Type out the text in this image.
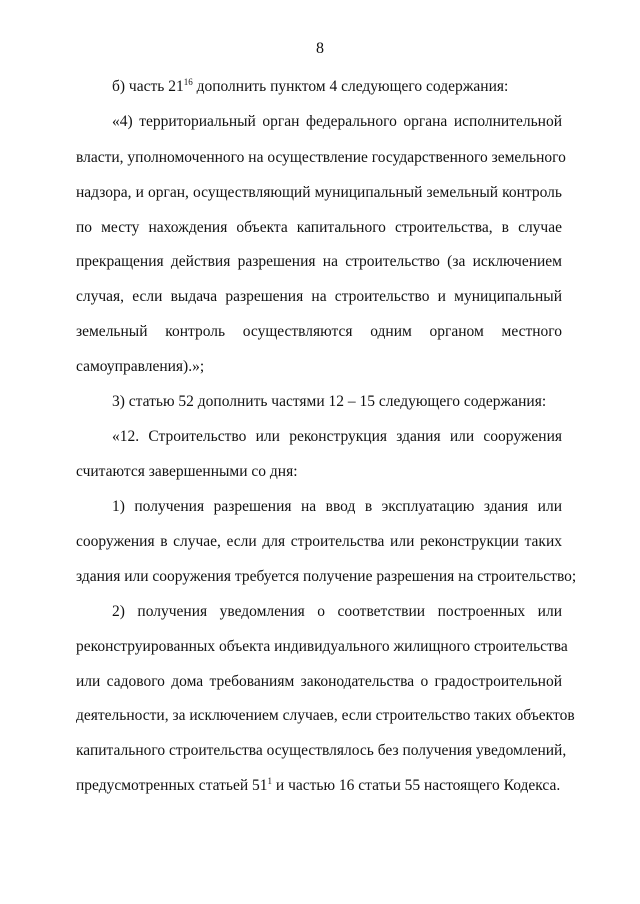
8
б) часть $21^{16}$ дополнить пунктом 4 следующего содержания:
«4) территориальный орган федерального органа исполнительной
власти, уполномоченного на осуществление государственного земельного
надзора, и орган, осуществляющий муниципальный земельный контроль
по месту нахождения объекта капитального строительства, в случае
прекращения действия разрешения на строительство (за исключением
случая, если выдача разрешения на строительство и муниципальный
земельный контроль осуществляются одним органом местного
самоуправления).»;
3) статью 52 дополнить частями 12 – 15 следующего содержания:
«12. Строительство или реконструкция здания или сооружения
считаются завершенными со дня:
1) получения разрешения на ввод в эксплуатацию здания или
сооружения в случае, если для строительства или реконструкции таких
здания или сооружения требуется получение разрешения на строительство;
2) получения уведомления о соответствии построенных или
реконструированных объекта индивидуального жилищного строительства
или садового дома требованиям законодательства о градостроительной
деятельности, за исключением случаев, если строительство таких объектов
капитального строительства осуществлялось без получения уведомлений,
предусмотренных статьей $51^1$ и частью 16 статьи 55 настоящего Кодекса.
